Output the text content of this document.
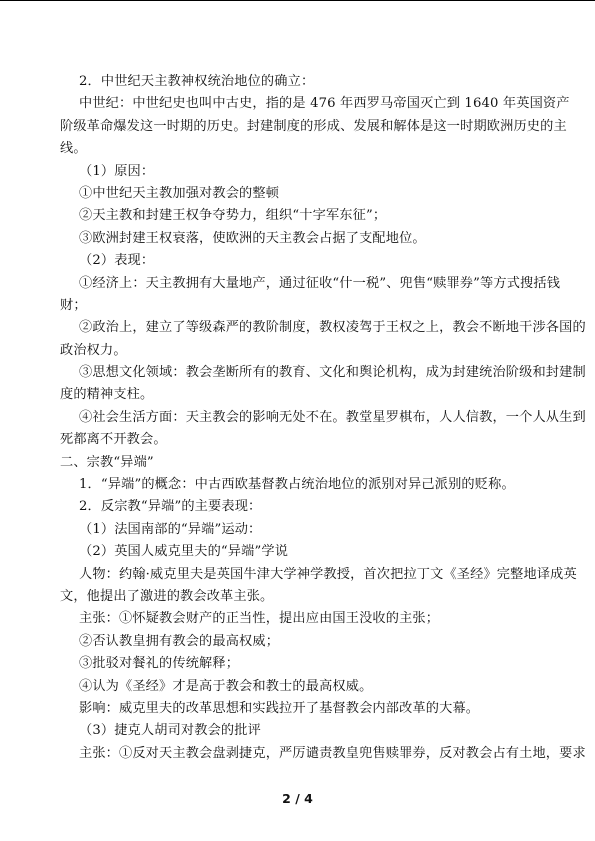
2．中世纪天主教神权统治地位的确立：
中世纪：中世纪史也叫中古史，指的是 476 年西罗马帝国灭亡到 1640 年英国资产
阶级革命爆发这一时期的历史。封建制度的形成、发展和解体是这一时期欧洲历史的主
线。
（1）原因：
①中世纪天主教加强对教会的整顿
②天主教和封建王权争夺势力，组织“十字军东征”；
③欧洲封建王权衰落，使欧洲的天主教会占据了支配地位。
（2）表现：
①经济上：天主教拥有大量地产，通过征收“什一税”、兜售“赎罪券”等方式搜括钱
财；
②政治上，建立了等级森严的教阶制度，教权凌驾于王权之上，教会不断地干涉各国的
政治权力。
③思想文化领域：教会垄断所有的教育、文化和舆论机构，成为封建统治阶级和封建制
度的精神支柱。
④社会生活方面：天主教会的影响无处不在。教堂星罗棋布，人人信教，一个人从生到
死都离不开教会。
二、宗教“异端”
1．“异端”的概念：中古西欧基督教占统治地位的派别对异己派别的贬称。
2．反宗教“异端”的主要表现：
（1）法国南部的“异端”运动：
（2）英国人威克里夫的“异端”学说
人物：约翰·威克里夫是英国牛津大学神学教授，首次把拉丁文《圣经》完整地译成英
文，他提出了激进的教会改革主张。
主张：①怀疑教会财产的正当性，提出应由国王没收的主张；
②否认教皇拥有教会的最高权威；
③批驳对餐礼的传统解释；
④认为《圣经》才是高于教会和教士的最高权威。
影响：威克里夫的改革思想和实践拉开了基督教会内部改革的大幕。
（3）捷克人胡司对教会的批评
主张：①反对天主教会盘剥捷克，严厉谴责教皇兜售赎罪券，反对教会占有土地，要求
2 / 4
